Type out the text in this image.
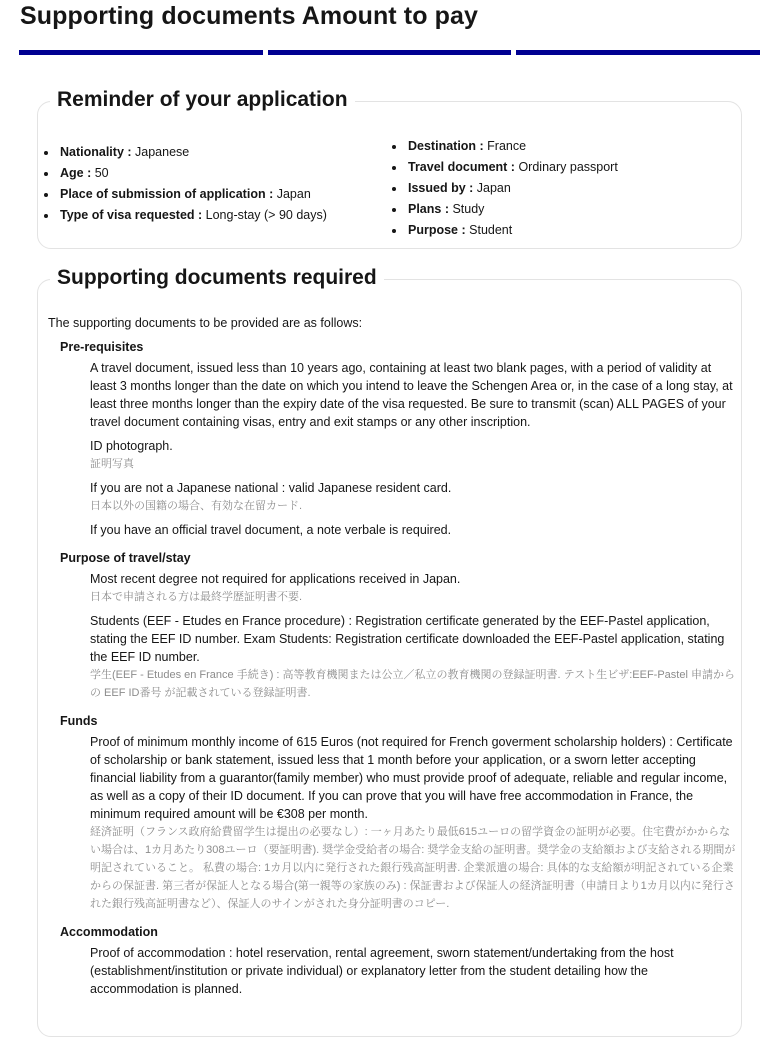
Supporting documents Amount to pay
Reminder of your application
Nationality : Japanese
Age : 50
Place of submission of application : Japan
Type of visa requested : Long-stay (> 90 days)
Destination : France
Travel document : Ordinary passport
Issued by : Japan
Plans : Study
Purpose : Student
Supporting documents required

The supporting documents to be provided are as follows:

Pre-requisites

A travel document, issued less than 10 years ago, containing at least two blank pages, with a period of validity at least 3 months longer than the date on which you intend to leave the Schengen Area or, in the case of a long stay, at least three months longer than the expiry date of the visa requested. Be sure to transmit (scan) ALL PAGES of your travel document containing visas, entry and exit stamps or any other inscription.

ID photograph.

証明写真

If you are not a Japanese national : valid Japanese resident card.

日本以外の国籍の場合、有効な在留カード.

If you have an official travel document, a note verbale is required.

Purpose of travel/stay

Most recent degree not required for applications received in Japan.

日本で申請される方は最終学歴証明書不要.

Students (EEF - Etudes en France procedure) : Registration certificate generated by the EEF-Pastel application, stating the EEF ID number. Exam Students: Registration certificate downloaded the EEF-Pastel application, stating the EEF ID number.

学生(EEF - Etudes en France 手続き) : 高等教育機関または公立／私立の教育機関の登録証明書. テスト生ビザ:EEF-Pastel 申請からの EEF ID番号 が記載されている登録証明書.

Funds

Proof of minimum monthly income of 615 Euros (not required for French goverment scholarship holders) : Certificate of scholarship or bank statement, issued less that 1 month before your application, or a sworn letter accepting financial liability from a guarantor(family member) who must provide proof of adequate, reliable and regular income, as well as a copy of their ID document. If you can prove that you will have free accommodation in France, the minimum required amount will be €308 per month.

経済証明（フランス政府給費留学生は提出の必要なし）: 一ヶ月あたり最低615ユーロの留学資金の証明が必要。住宅費がかからない場合は、1カ月あたり308ユーロ（要証明書). 奨学金受給者の場合: 奨学金支給の証明書。奨学金の支給額および支給される期間が明記されていること。 私費の場合: 1カ月以内に発行された銀行残高証明書. 企業派遣の場合: 具体的な支給額が明記されている企業からの保証書. 第三者が保証人となる場合(第一親等の家族のみ) : 保証書および保証人の経済証明書（申請日より1カ月以内に発行された銀行残高証明書など）、保証人のサインがされた身分証明書のコピー.

Accommodation

Proof of accommodation : hotel reservation, rental agreement, sworn statement/undertaking from the host (establishment/institution or private individual) or explanatory letter from the student detailing how the accommodation is planned.
